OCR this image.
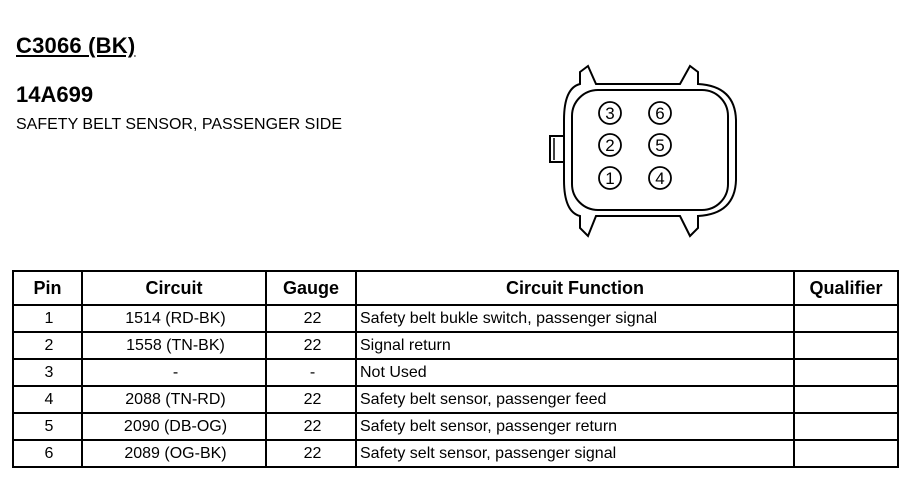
C3066 (BK)
14A699
SAFETY BELT SENSOR, PASSENGER SIDE
3 6
2 5
1 4
Pin	Circuit	Gauge	Circuit Function	Qualifier
1	1514 (RD-BK)	22	Safety belt bukle switch, passenger signal	
2	1558 (TN-BK)	22	Signal return	
3	-	-	Not Used	
4	2088 (TN-RD)	22	Safety belt sensor, passenger feed	
5	2090 (DB-OG)	22	Safety belt sensor, passenger return	
6	2089 (OG-BK)	22	Safety selt sensor, passenger signal	
